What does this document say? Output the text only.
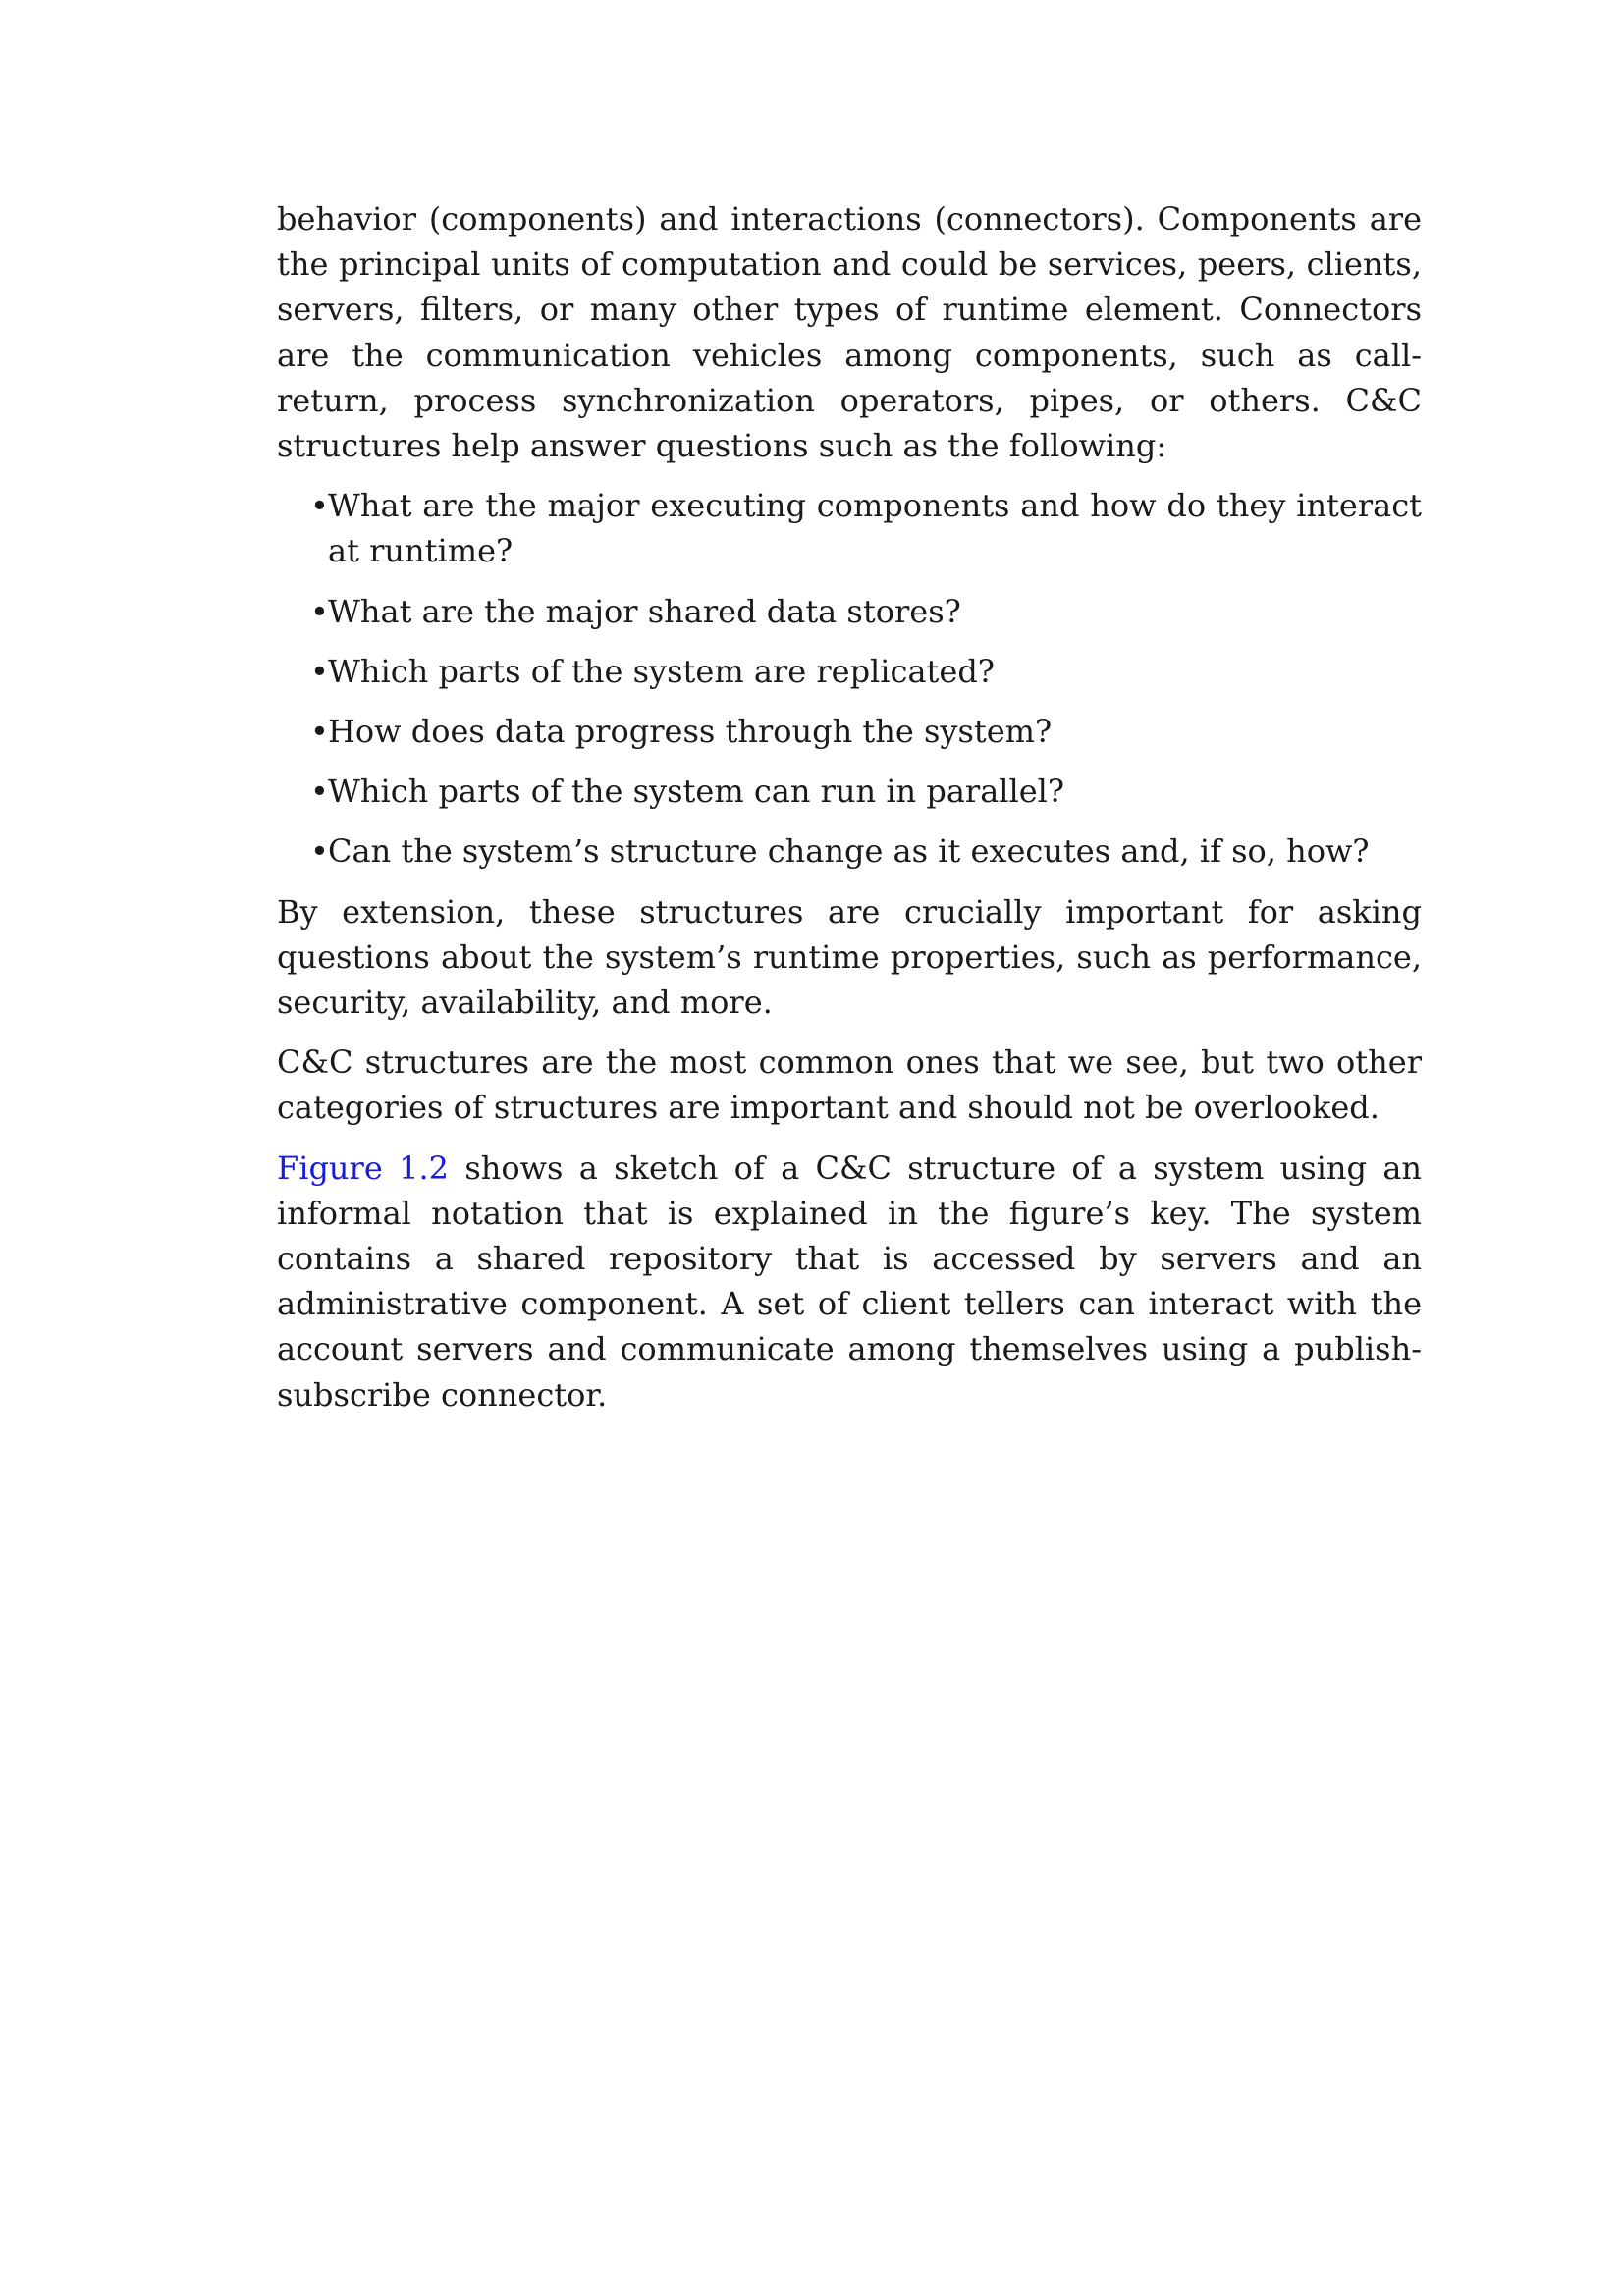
behavior (components) and interactions (connectors). Components are the principal units of computation and could be services, peers, clients, servers, filters, or many other types of runtime element. Connectors are the communication vehicles among components, such as call-return, process synchronization operators, pipes, or others. C&C structures help answer questions such as the following:

• What are the major executing components and how do they interact at runtime?
• What are the major shared data stores?
• Which parts of the system are replicated?
• How does data progress through the system?
• Which parts of the system can run in parallel?
• Can the system’s structure change as it executes and, if so, how?

By extension, these structures are crucially important for asking questions about the system’s runtime properties, such as performance, security, availability, and more.

C&C structures are the most common ones that we see, but two other categories of structures are important and should not be overlooked.

Figure 1.2 shows a sketch of a C&C structure of a system using an informal notation that is explained in the figure’s key. The system contains a shared repository that is accessed by servers and an administrative component. A set of client tellers can interact with the account servers and communicate among themselves using a publish-subscribe connector.
